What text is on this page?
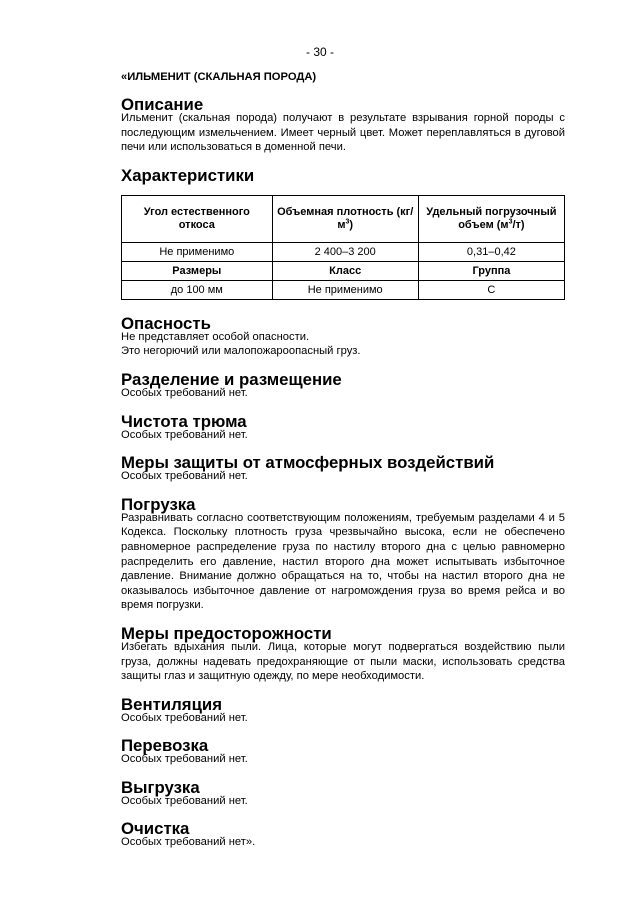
- 30 -
«ИЛЬМЕНИТ (СКАЛЬНАЯ ПОРОДА)
Описание

Ильменит (скальная порода) получают в результате взрывания горной породы с последующим измельчением. Имеет черный цвет. Может переплавляться в дуговой печи или использоваться в доменной печи.

Характеристики
Угол естественного откоса	Объемная плотность $(кг/м^3)$	Удельный погрузочный объем $(м^3/т)$
Не применимо	2 400–3 200	0,31–0,42
Размеры	Класс	Группа
до 100 мм	Не применимо	C
Опасность

Не представляет особой опасности.

Это негорючий или малопожароопасный груз.

Разделение и размещение

Особых требований нет.

Чистота трюма

Особых требований нет.

Меры защиты от атмосферных воздействий

Особых требований нет.

Погрузка

Разравнивать согласно соответствующим положениям, требуемым разделами 4 и 5 Кодекса. Поскольку плотность груза чрезвычайно высока, если не обеспечено равномерное распределение груза по настилу второго дна с целью равномерно распределить его давление, настил второго дна может испытывать избыточное давление. Внимание должно обращаться на то, чтобы на настил второго дна не оказывалось избыточное давление от нагромождения груза во время рейса и во время погрузки.

Меры предосторожности

Избегать вдыхания пыли. Лица, которые могут подвергаться воздействию пыли груза, должны надевать предохраняющие от пыли маски, использовать средства защиты глаз и защитную одежду, по мере необходимости.

Вентиляция

Особых требований нет.

Перевозка

Особых требований нет.

Выгрузка

Особых требований нет.

Очистка

Особых требований нет».
